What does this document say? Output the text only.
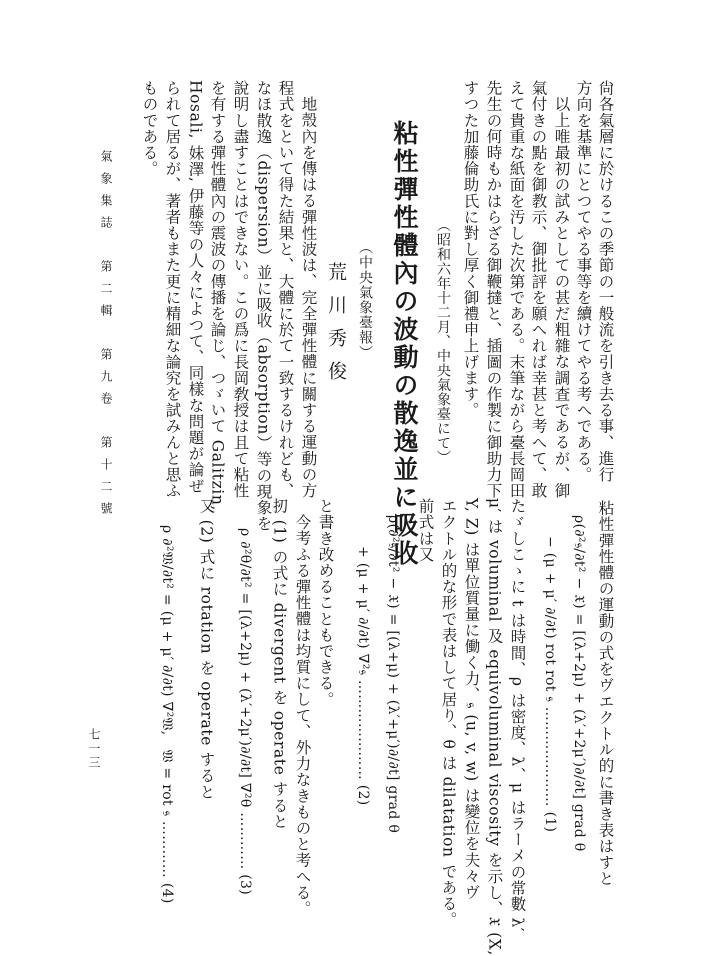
尙各氣層に於けるこの季節の一般流を引き去る事、進行
方向を基準にとつてやる事等を續けてやる考へである。
以上唯最初の試みとしての甚だ粗雜な調査であるが、御
氣付きの點を御教示、御批評を願へれば幸甚と考へて、敢
えて貴重な紙面を汚した次第である。末筆ながら臺長岡田
先生の何時もかはらざる御鞭撻と、插圖の作製に御助力下
すつた加藤倫助氏に對し厚く御禮申上げます。
（昭和六年十二月、中央氣象臺にて）
粘性彈性體內の波動の散逸並に吸收
（中央氣象臺報）
荒川秀俊
地殼內を傳はる彈性波は、完全彈性體に關する運動の方
程式をといて得た結果と、大體に於て一致するけれども、
なほ散逸（dispersion）並に吸收（absorption）等の現象を
說明し盡すことはできない。この爲に長岡敎授は且て粘性
を有する彈性體內の震波の傳播を論じ、つゞいて Galitzin,
Hosali, 妹澤, 伊藤等の人々によつて、同樣な問題が論ぜ
られて居るが、著者もまた更に精細な論究を試みんと思ふ
ものである。
氣象集誌　第二輯　第九卷　第十二號
粘性彈性體の運動の式をヴエクトル的に書き表はすと
ρ(∂²𝔰/∂t² − 𝔛) = [(λ+2μ) + (λ′+2μ′)∂/∂t] grad θ
− (μ + μ′ ∂/∂t) rot rot 𝔰 ………………… (1)
たゞしこゝに t は時間、ρ は密度、λ、μ はラーメの常數 λ′
μ′ は voluminal 及 equivoluminal viscosity を示し、𝔛 (X,
Y, Z) は單位質量に働く力、𝔰 (u, v, w) は變位を夫々ヴ
エクトル的な形で表はして居り、θ は dilatation である。
前式は又
ρ(∂²𝔰/∂t² − 𝔛) = [(λ+μ) + (λ′+μ′)∂/∂t] grad θ
+ (μ + μ′ ∂/∂t) ∇²𝔰 ………………… (2)
と書き改めることもできる。
今考ふる彈性體は均質にして、外力なきものと考へる。
扨 (1) の式に divergent を operate すると
ρ ∂²θ/∂t² = [(λ+2μ) + (λ′+2μ′)∂/∂t] ∇²θ ………… (3)
又 (2) 式に rotation を operate すると
ρ ∂²𝔚/∂t² = (μ + μ′ ∂/∂t) ∇²𝔚,　𝔚 = rot 𝔰 ………… (4)
七一三
